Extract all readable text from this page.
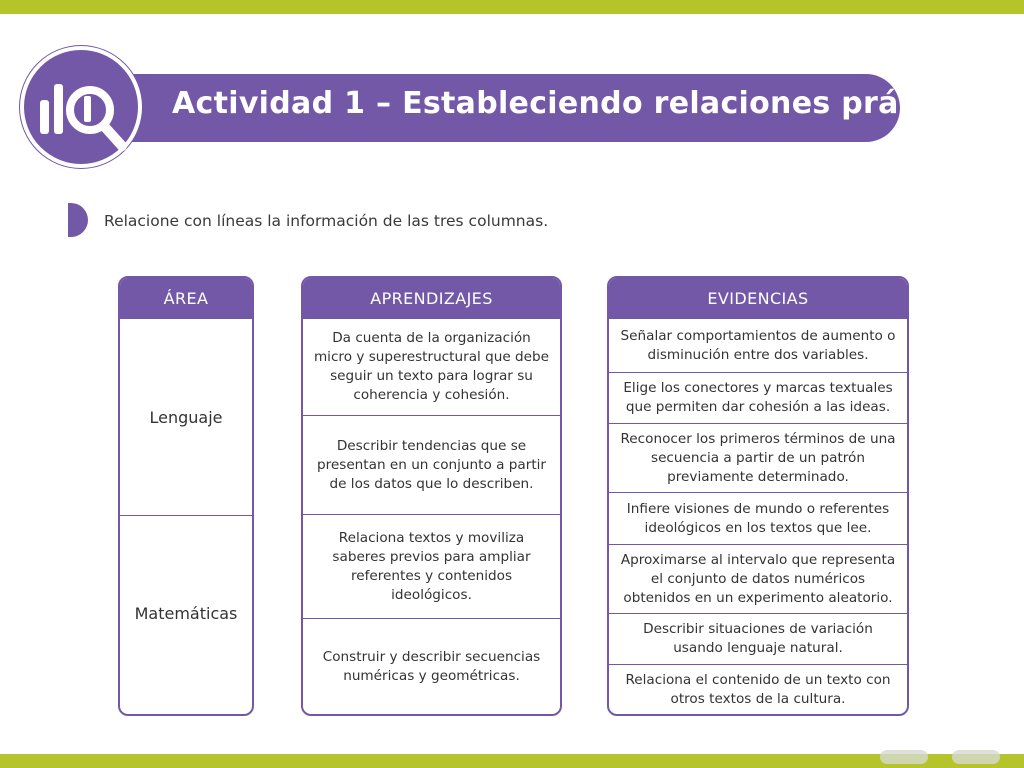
Actividad 1 – Estableciendo relaciones prácticas
Relacione con líneas la información de las tres columnas.
ÁREA
Lenguaje
Matemáticas
APRENDIZAJES
Da cuenta de la organización micro y superestructural que debe seguir un texto para lograr su coherencia y cohesión.
Describir tendencias que se presentan en un conjunto a partir de los datos que lo describen.
Relaciona textos y moviliza saberes previos para ampliar referentes y contenidos ideológicos.
Construir y describir secuencias numéricas y geométricas.
EVIDENCIAS
Señalar comportamientos de aumento o disminución entre dos variables.
Elige los conectores y marcas textuales que permiten dar cohesión a las ideas.
Reconocer los primeros términos de una secuencia a partir de un patrón previamente determinado.
Infiere visiones de mundo o referentes ideológicos en los textos que lee.
Aproximarse al intervalo que representa el conjunto de datos numéricos obtenidos en un experimento aleatorio.
Describir situaciones de variación usando lenguaje natural.
Relaciona el contenido de un texto con otros textos de la cultura.
